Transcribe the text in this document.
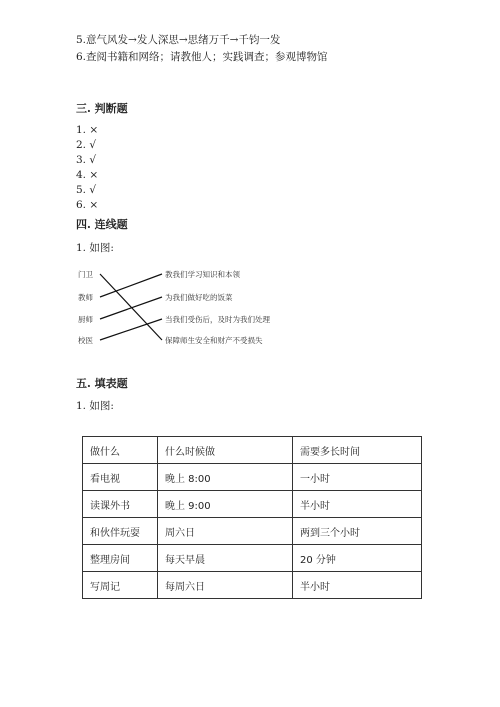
5.意气风发→发人深思→思绪万千→千钧一发
6.查阅书籍和网络；请教他人；实践调查；参观博物馆
三. 判断题
1. ×
2. √
3. √
4. ×
5. √
6. ×
四. 连线题
1. 如图:
门卫
教师
厨师
校医
教我们学习知识和本领
为我们做好吃的饭菜
当我们受伤后，及时为我们处理
保障师生安全和财产不受损失
五. 填表题
1. 如图:
做什么	什么时候做	需要多长时间
看电视	晚上 8:00	一小时
读课外书	晚上 9:00	半小时
和伙伴玩耍	周六日	两到三个小时
整理房间	每天早晨	20 分钟
写周记	每周六日	半小时
